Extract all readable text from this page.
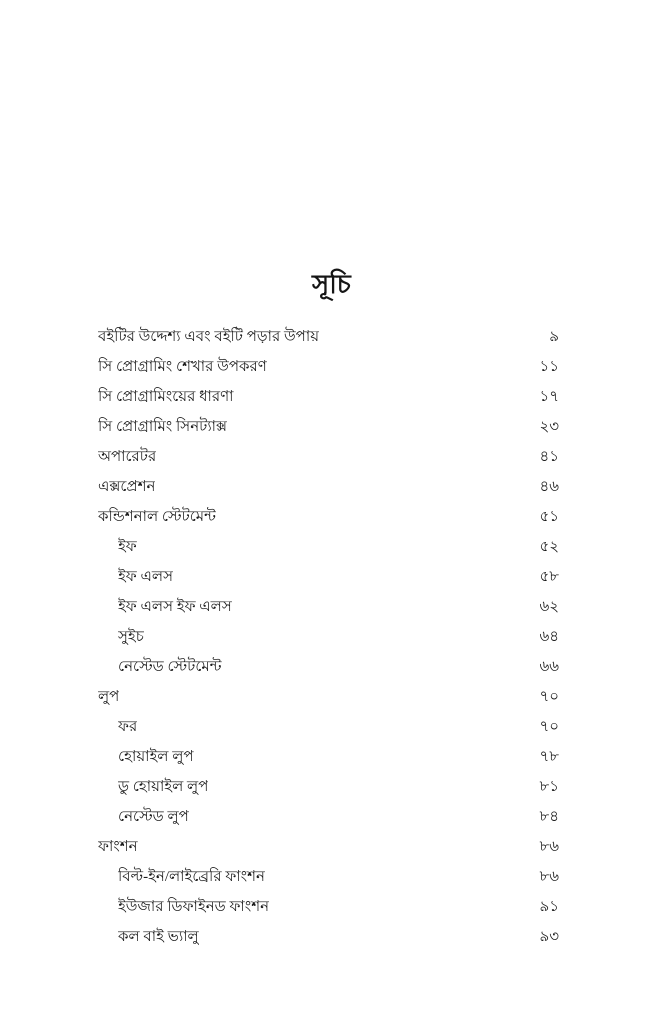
সূচি
বইটির উদ্দেশ্য এবং বইটি পড়ার উপায়	৯
সি প্রোগ্রামিং শেখার উপকরণ	১১
সি প্রোগ্রামিংয়ের ধারণা	১৭
সি প্রোগ্রামিং সিনট্যাক্স	২৩
অপারেটর	৪১
এক্সপ্রেশন	৪৬
কন্ডিশনাল স্টেটমেন্ট	৫১
ইফ	৫২
ইফ এলস	৫৮
ইফ এলস ইফ এলস	৬২
সুইচ	৬৪
নেস্টেড স্টেটমেন্ট	৬৬
লুপ	৭০
ফর	৭০
হোয়াইল লুপ	৭৮
ডু হোয়াইল লুপ	৮১
নেস্টেড লুপ	৮৪
ফাংশন	৮৬
বিল্ট-ইন/লাইব্রেরি ফাংশন	৮৬
ইউজার ডিফাইনড ফাংশন	৯১
কল বাই ভ্যালু	৯৩
